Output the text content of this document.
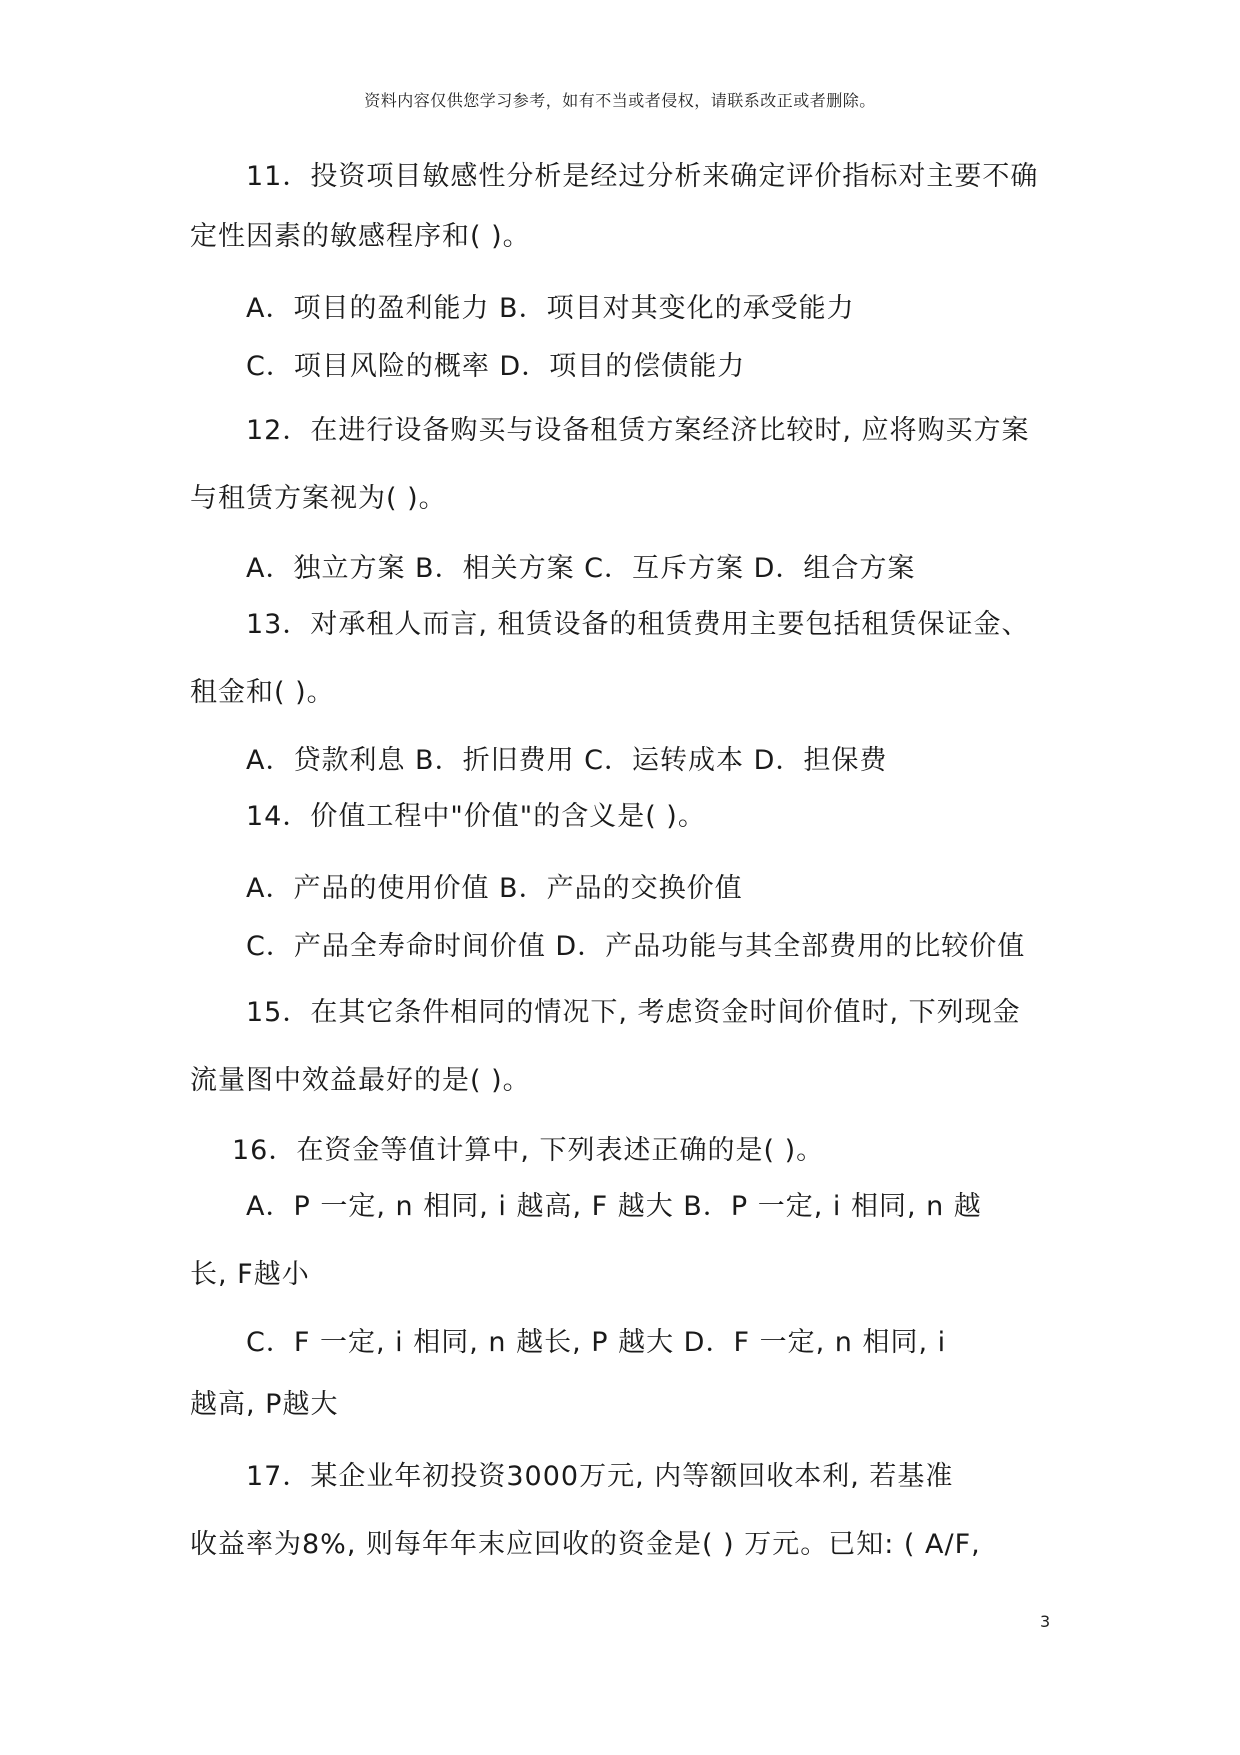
资料内容仅供您学习参考，如有不当或者侵权，请联系改正或者删除。
11．投资项目敏感性分析是经过分析来确定评价指标对主要不确
定性因素的敏感程序和( )。
A．项目的盈利能力 B．项目对其变化的承受能力
C．项目风险的概率 D．项目的偿债能力
12．在进行设备购买与设备租赁方案经济比较时, 应将购买方案
与租赁方案视为( )。
A．独立方案 B．相关方案 C．互斥方案 D．组合方案
13．对承租人而言, 租赁设备的租赁费用主要包括租赁保证金、
租金和( )。
A．贷款利息 B．折旧费用 C．运转成本 D．担保费
14．价值工程中"价值"的含义是( )。
A．产品的使用价值 B．产品的交换价值
C．产品全寿命时间价值 D．产品功能与其全部费用的比较价值
15．在其它条件相同的情况下, 考虑资金时间价值时, 下列现金
流量图中效益最好的是( )。
16．在资金等值计算中, 下列表述正确的是( )。
A．P 一定, n 相同, i 越高, F 越大 B．P 一定, i 相同, n 越
长, F越小
C．F 一定, i 相同, n 越长, P 越大 D．F 一定, n 相同, i
越高, P越大
17．某企业年初投资3000万元, 内等额回收本利, 若基准
收益率为8%, 则每年年末应回收的资金是( ) 万元。已知: ( A/F,
3
